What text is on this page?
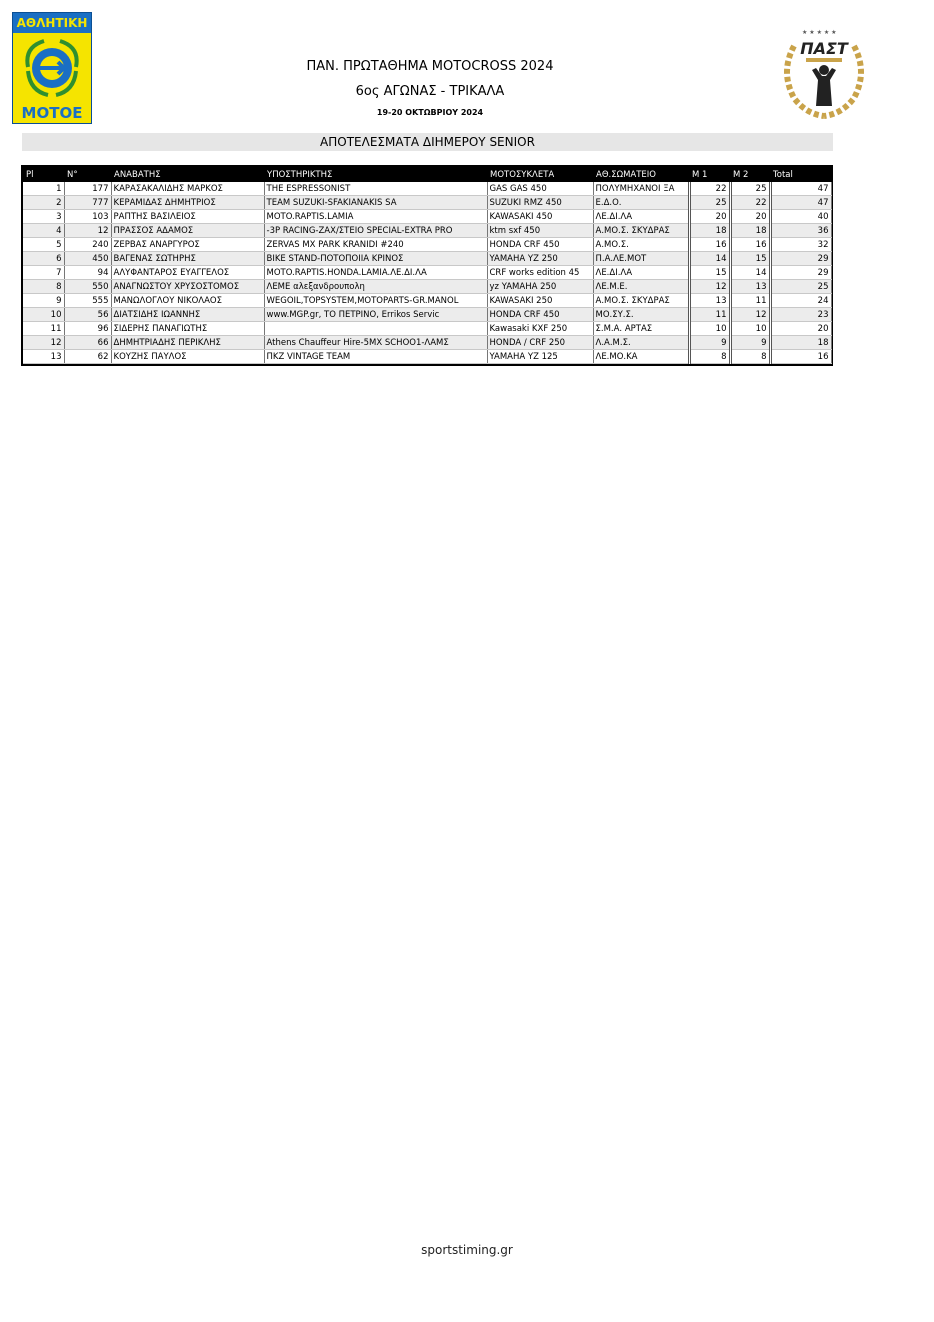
ΑΘΛΗΤΙΚΗ
ΜΟΤΟΕ
★ ★ ★ ★ ★
ΠΑΣΤ
ΠΑΝ. ΠΡΩΤΑΘΗΜΑ MOTOCROSS 2024
6ος ΑΓΩΝΑΣ - ΤΡΙΚΑΛΑ
19-20 ΟΚΤΩΒΡΙΟΥ 2024
ΑΠΟΤΕΛΕΣΜΑΤΑ ΔΙΗΜΕΡΟΥ SENIOR
Pl	N°	ΑΝΑΒΑΤΗΣ	ΥΠΟΣΤΗΡΙΚΤΗΣ	ΜΟΤΟΣΥΚΛΕΤΑ	ΑΘ.ΣΩΜΑΤΕΙΟ	M 1	M 2	Total
1	177	ΚΑΡΑΣΑΚΑΛΙΔΗΣ ΜΑΡΚΟΣ	THE ESPRESSONIST	GAS GAS 450	ΠΟΛΥΜΗΧΑΝΟΙ ΞΑ	22	25	47
2	777	ΚΕΡΑΜΙΔΑΣ ΔΗΜΗΤΡΙΟΣ	TEAM SUZUKI-SFAKIANAKIS SA	SUZUKI RMZ 450	Ε.Δ.Ο.	25	22	47
3	103	ΡΑΠΤΗΣ ΒΑΣΙΛΕΙΟΣ	MOTO.RAPTIS.LAMIA	KAWASAKI 450	ΛΕ.ΔΙ.ΛΑ	20	20	40
4	12	ΠΡΑΣΣΟΣ ΑΔΑΜΟΣ	-3P RACING-ZAX/ΣΤΕΙΟ SPECIAL-EXTRA PRO	ktm sxf 450	Α.ΜΟ.Σ. ΣΚΥΔΡΑΣ	18	18	36
5	240	ΖΕΡΒΑΣ ΑΝΑΡΓΥΡΟΣ	ZERVAS MX PARK KRANIDI #240	HONDA CRF 450	Α.ΜΟ.Σ.	16	16	32
6	450	ΒΑΓΕΝΑΣ ΣΩΤΗΡΗΣ	BIKE STAND-ΠΟΤΟΠΟΙΙΑ ΚΡΙΝΟΣ	YAMAHA YZ 250	Π.Α.ΛΕ.ΜΟΤ	14	15	29
7	94	ΑΛΥΦΑΝΤΑΡΟΣ ΕΥΑΓΓΕΛΟΣ	MOTO.RAPTIS.HONDA.LAMIA.ΛΕ.ΔΙ.ΛΑ	CRF works edition 45	ΛΕ.ΔΙ.ΛΑ	15	14	29
8	550	ΑΝΑΓΝΩΣΤΟΥ ΧΡΥΣΟΣΤΟΜΟΣ	ΛΕΜΕ αλεξανδρουπολη	yz YAMAHA 250	ΛΕ.Μ.Ε.	12	13	25
9	555	ΜΑΝΩΛΟΓΛΟΥ ΝΙΚΟΛΑΟΣ	WEGOIL,TOPSYSTEM,MOTOPARTS-GR.MANOL	KAWASAKI 250	Α.ΜΟ.Σ. ΣΚΥΔΡΑΣ	13	11	24
10	56	ΔΙΑΤΣΙΔΗΣ ΙΩΑΝΝΗΣ	www.MGP.gr, ΤΟ ΠΕΤΡΙΝΟ, Errikos Servic	HONDA CRF 450	ΜΟ.ΣΥ.Σ.	11	12	23
11	96	ΣΙΔΕΡΗΣ ΠΑΝΑΓΙΩΤΗΣ		Kawasaki KXF 250	Σ.Μ.Α. ΑΡΤΑΣ	10	10	20
12	66	ΔΗΜΗΤΡΙΑΔΗΣ ΠΕΡΙΚΛΗΣ	Athens Chauffeur Hire-5MX SCHOO1-ΛΑΜΣ	HONDA / CRF 250	Λ.Α.Μ.Σ.	9	9	18
13	62	ΚΟΥΖΗΣ ΠΑΥΛΟΣ	ΠΚΖ VINTAGE TEAM	YAMAHA YZ 125	ΛΕ.ΜΟ.ΚΑ	8	8	16
sportstiming.gr
